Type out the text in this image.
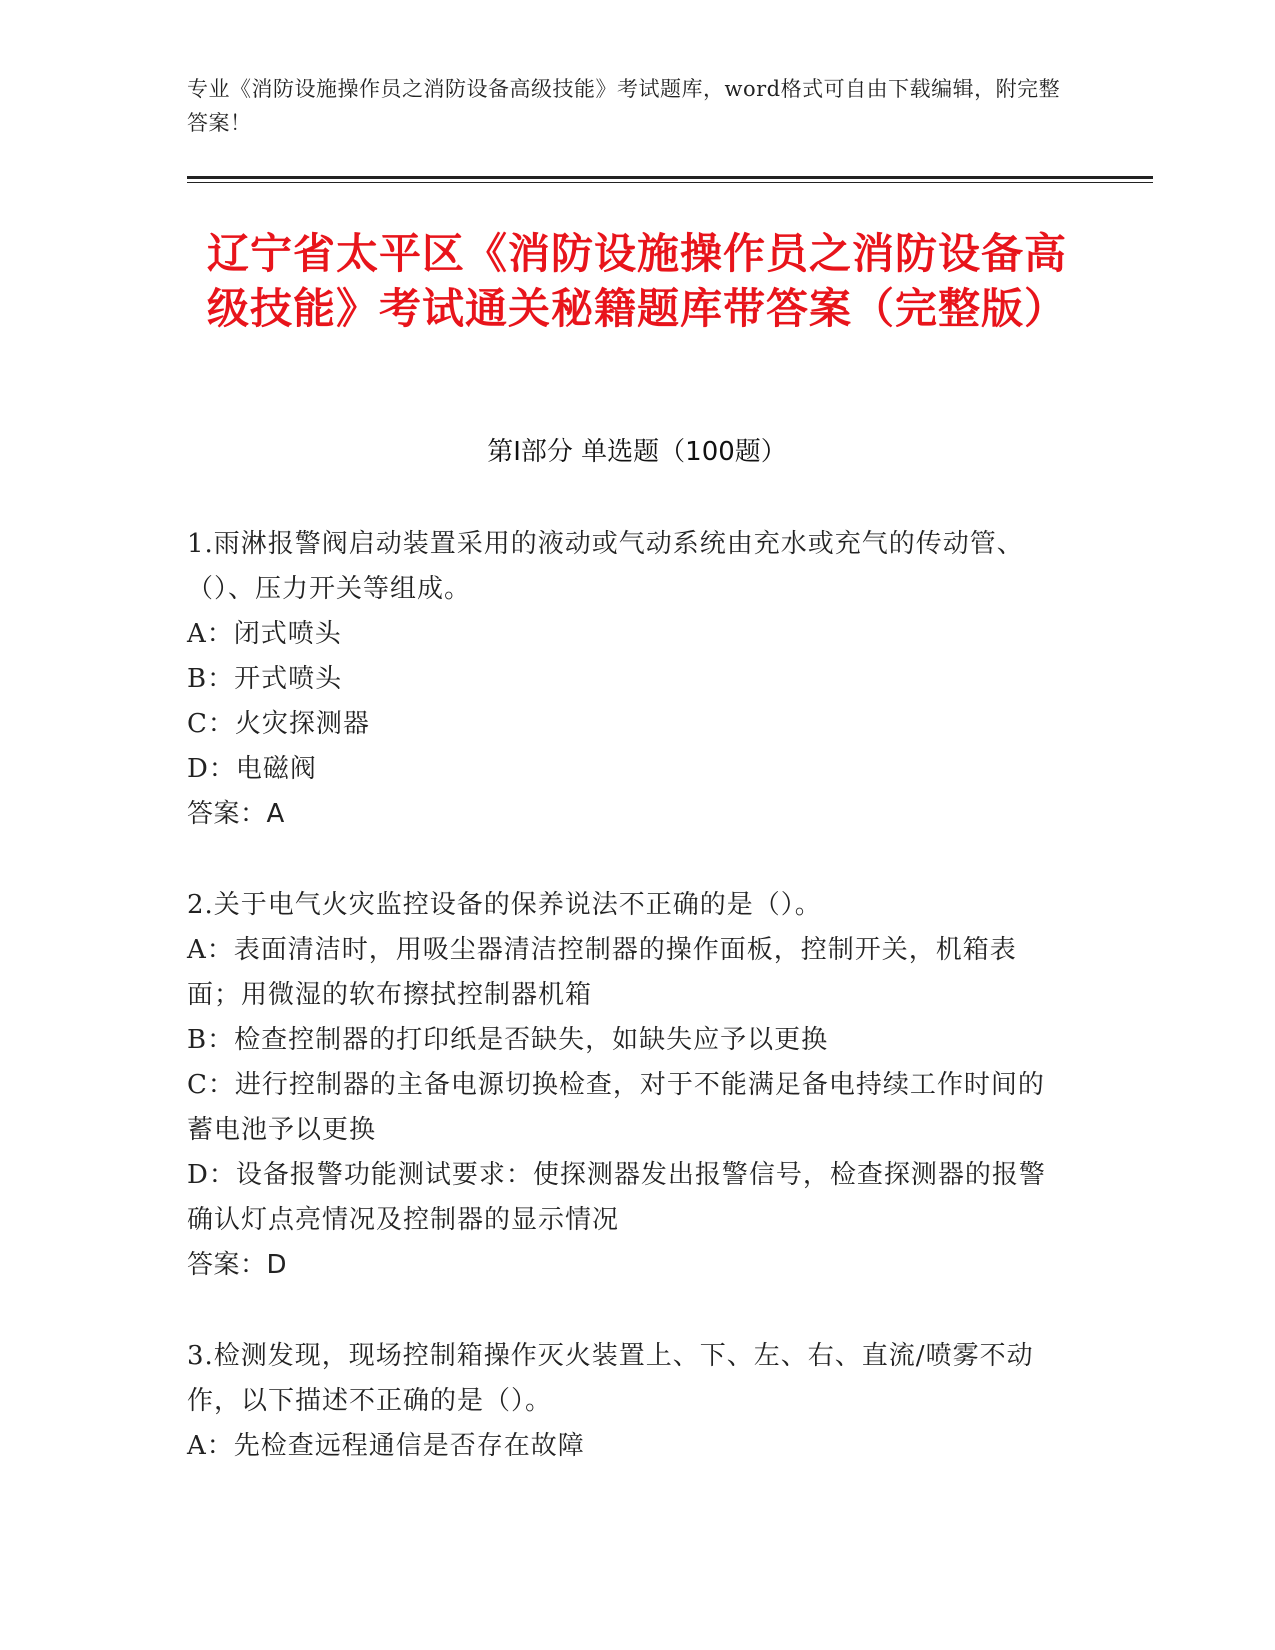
专业《消防设施操作员之消防设备高级技能》考试题库，word格式可自由下载编辑，附完整答案！
辽宁省太平区《消防设施操作员之消防设备高级技能》考试通关秘籍题库带答案（完整版）
第I部分 单选题（100题）

1.雨淋报警阀启动装置采用的液动或气动系统由充水或充气的传动管、（）、压力开关等组成。

A：闭式喷头

B：开式喷头

C：火灾探测器

D：电磁阀

答案：A

2.关于电气火灾监控设备的保养说法不正确的是（）。

A：表面清洁时，用吸尘器清洁控制器的操作面板，控制开关，机箱表面；用微湿的软布擦拭控制器机箱

B：检查控制器的打印纸是否缺失，如缺失应予以更换

C：进行控制器的主备电源切换检查，对于不能满足备电持续工作时间的蓄电池予以更换

D：设备报警功能测试要求：使探测器发出报警信号，检查探测器的报警确认灯点亮情况及控制器的显示情况

答案：D

3.检测发现，现场控制箱操作灭火装置上、下、左、右、直流/喷雾不动作，以下描述不正确的是（）。

A：先检查远程通信是否存在故障
